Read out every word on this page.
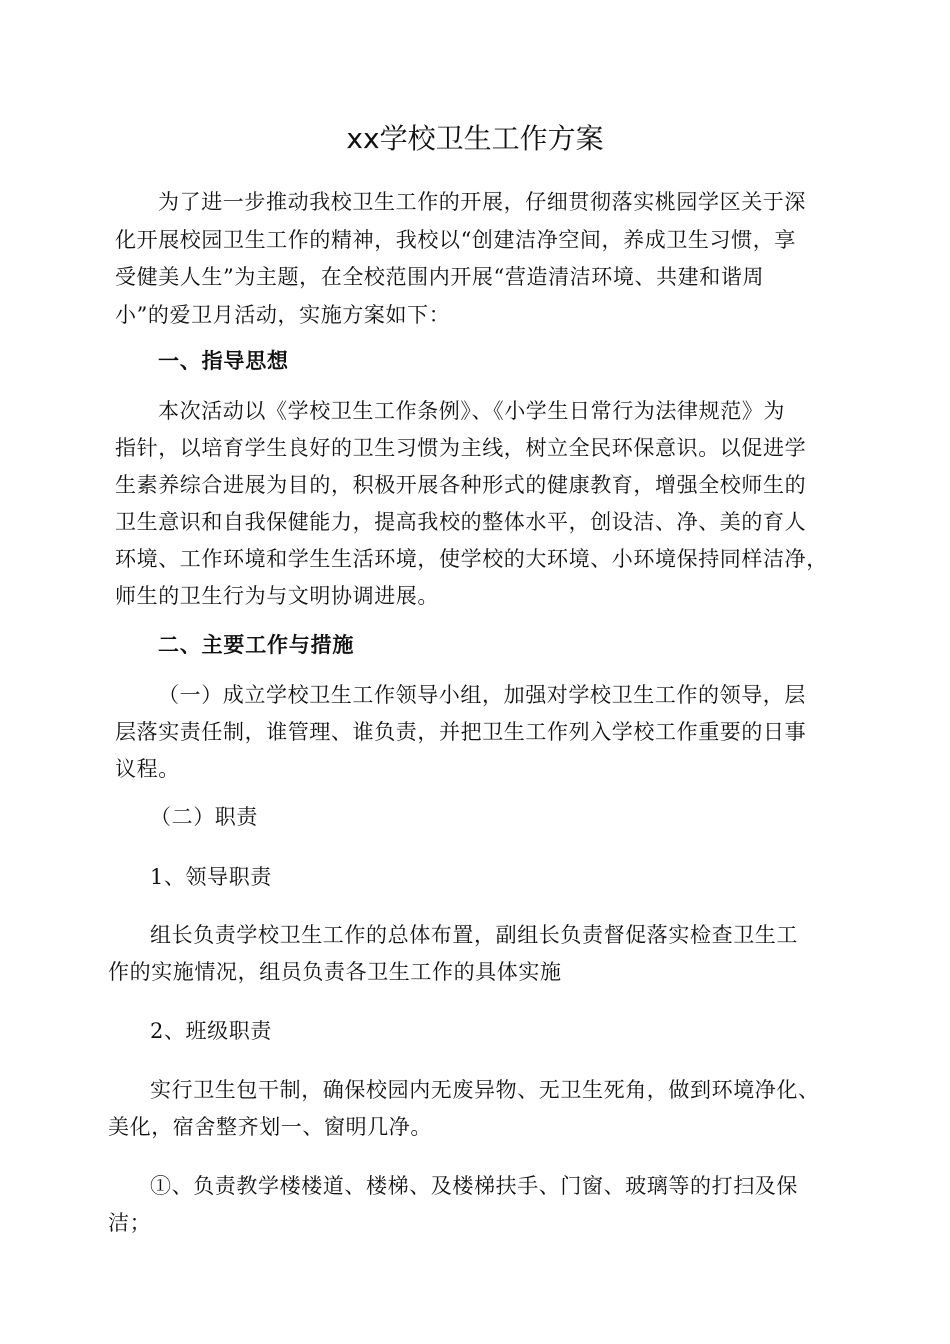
xx学校卫生工作方案
为了进一步推动我校卫生工作的开展，仔细贯彻落实桃园学区关于深
化开展校园卫生工作的精神，我校以“创建洁净空间，养成卫生习惯，享
受健美人生”为主题，在全校范围内开展“营造清洁环境、共建和谐周
小”的爱卫月活动，实施方案如下：
一、指导思想
本次活动以《学校卫生工作条例》、《小学生日常行为法律规范》为
指针，以培育学生良好的卫生习惯为主线，树立全民环保意识。以促进学
生素养综合进展为目的，积极开展各种形式的健康教育，增强全校师生的
卫生意识和自我保健能力，提高我校的整体水平，创设洁、净、美的育人
环境、工作环境和学生生活环境，使学校的大环境、小环境保持同样洁净，
师生的卫生行为与文明协调进展。
二、主要工作与措施
（一）成立学校卫生工作领导小组，加强对学校卫生工作的领导，层
层落实责任制，谁管理、谁负责，并把卫生工作列入学校工作重要的日事
议程。
（二）职责
1、领导职责
组长负责学校卫生工作的总体布置，副组长负责督促落实检查卫生工
作的实施情况，组员负责各卫生工作的具体实施
2、班级职责
实行卫生包干制，确保校园内无废异物、无卫生死角，做到环境净化、
美化，宿舍整齐划一、窗明几净。
①、负责教学楼楼道、楼梯、及楼梯扶手、门窗、玻璃等的打扫及保
洁；
